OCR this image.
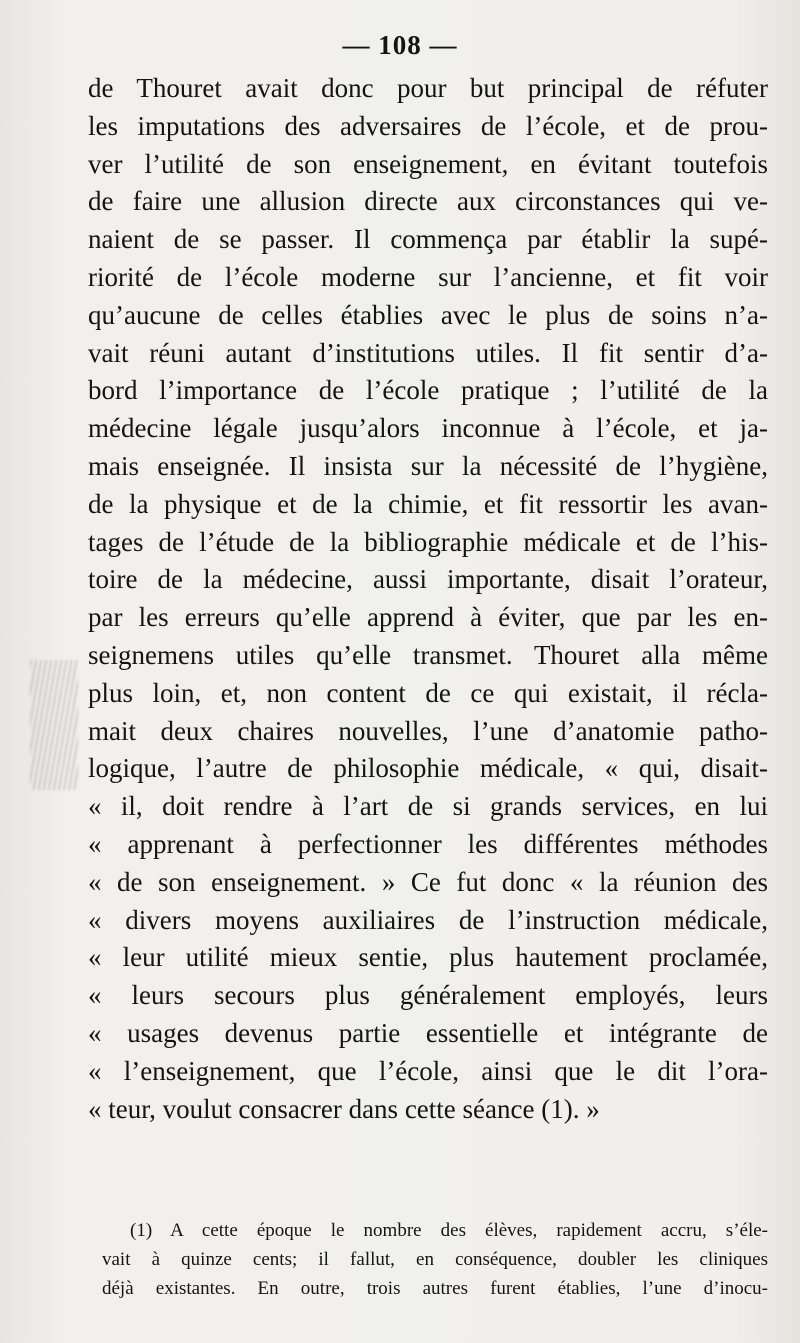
— 108 —
de Thouret avait donc pour but principal de réfuter
les imputations des adversaires de l’école, et de prou-
ver l’utilité de son enseignement, en évitant toutefois
de faire une allusion directe aux circonstances qui ve-
naient de se passer. Il commença par établir la supé-
riorité de l’école moderne sur l’ancienne, et fit voir
qu’aucune de celles établies avec le plus de soins n’a-
vait réuni autant d’institutions utiles. Il fit sentir d’a-
bord l’importance de l’école pratique ; l’utilité de la
médecine légale jusqu’alors inconnue à l’école, et ja-
mais enseignée. Il insista sur la nécessité de l’hygiène,
de la physique et de la chimie, et fit ressortir les avan-
tages de l’étude de la bibliographie médicale et de l’his-
toire de la médecine, aussi importante, disait l’orateur,
par les erreurs qu’elle apprend à éviter, que par les en-
seignemens utiles qu’elle transmet. Thouret alla même
plus loin, et, non content de ce qui existait, il récla-
mait deux chaires nouvelles, l’une d’anatomie patho-
logique, l’autre de philosophie médicale, « qui, disait-
« il, doit rendre à l’art de si grands services, en lui
« apprenant à perfectionner les différentes méthodes
« de son enseignement. » Ce fut donc « la réunion des
« divers moyens auxiliaires de l’instruction médicale,
« leur utilité mieux sentie, plus hautement proclamée,
« leurs secours plus généralement employés, leurs
« usages devenus partie essentielle et intégrante de
« l’enseignement, que l’école, ainsi que le dit l’ora-
« teur, voulut consacrer dans cette séance (1). »
(1) A cette époque le nombre des élèves, rapidement accru, s’éle-
vait à quinze cents; il fallut, en conséquence, doubler les cliniques
déjà existantes. En outre, trois autres furent établies, l’une d’inocu-
